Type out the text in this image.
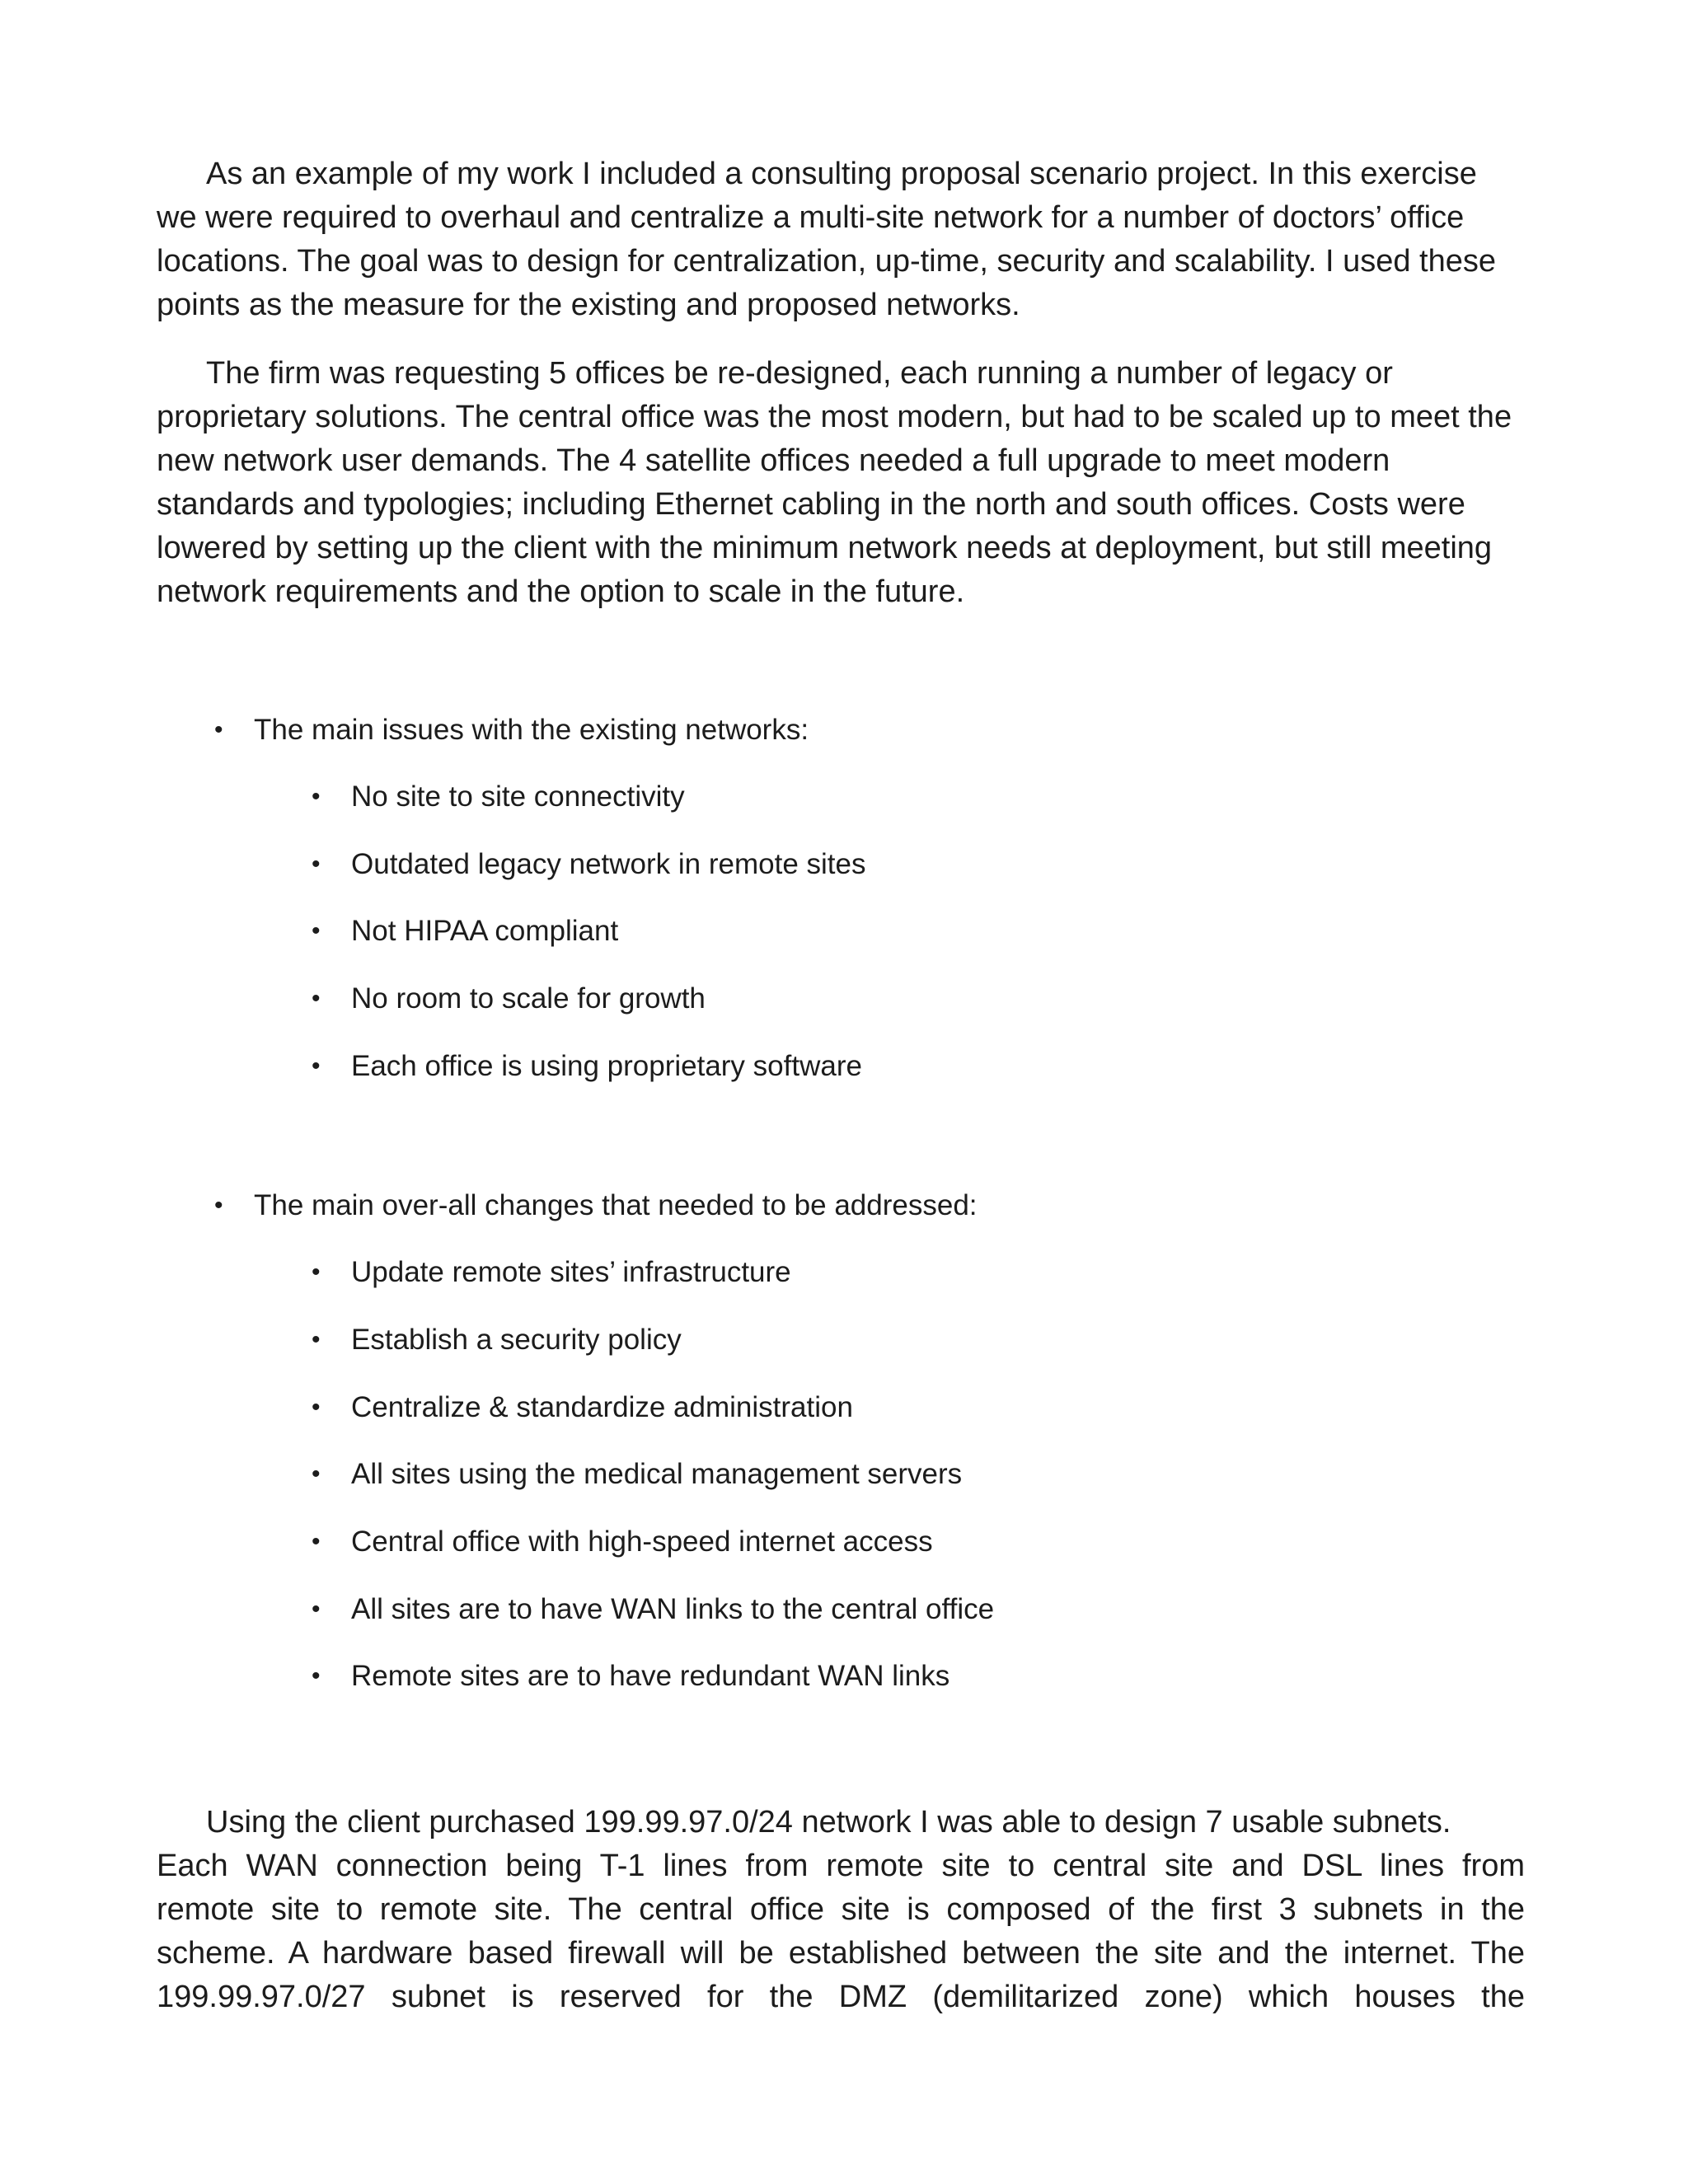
As an example of my work I included a consulting proposal scenario project. In this exercise we were required to overhaul and centralize a multi-site network for a number of doctors’ office locations. The goal was to design for centralization, up-time, security and scalability. I used these points as the measure for the existing and proposed networks.

The firm was requesting 5 offices be re-designed, each running a number of legacy or proprietary solutions. The central office was the most modern, but had to be scaled up to meet the new network user demands. The 4 satellite offices needed a full upgrade to meet modern standards and typologies; including Ethernet cabling in the north and south offices. Costs were lowered by setting up the client with the minimum network needs at deployment, but still meeting network requirements and the option to scale in the future.

• The main issues with the existing networks:

• No site to site connectivity

• Outdated legacy network in remote sites

• Not HIPAA compliant

• No room to scale for growth

• Each office is using proprietary software

• The main over-all changes that needed to be addressed:

• Update remote sites’ infrastructure

• Establish a security policy

• Centralize & standardize administration

• All sites using the medical management servers

• Central office with high-speed internet access

• All sites are to have WAN links to the central office

• Remote sites are to have redundant WAN links

Using the client purchased 199.99.97.0/24 network I was able to design 7 usable subnets.

Each WAN connection being T-1 lines from remote site to central site and DSL lines from

remote site to remote site. The central office site is composed of the first 3 subnets in the

scheme. A hardware based firewall will be established between the site and the internet. The

199.99.97.0/27 subnet is reserved for the DMZ (demilitarized zone) which houses the
